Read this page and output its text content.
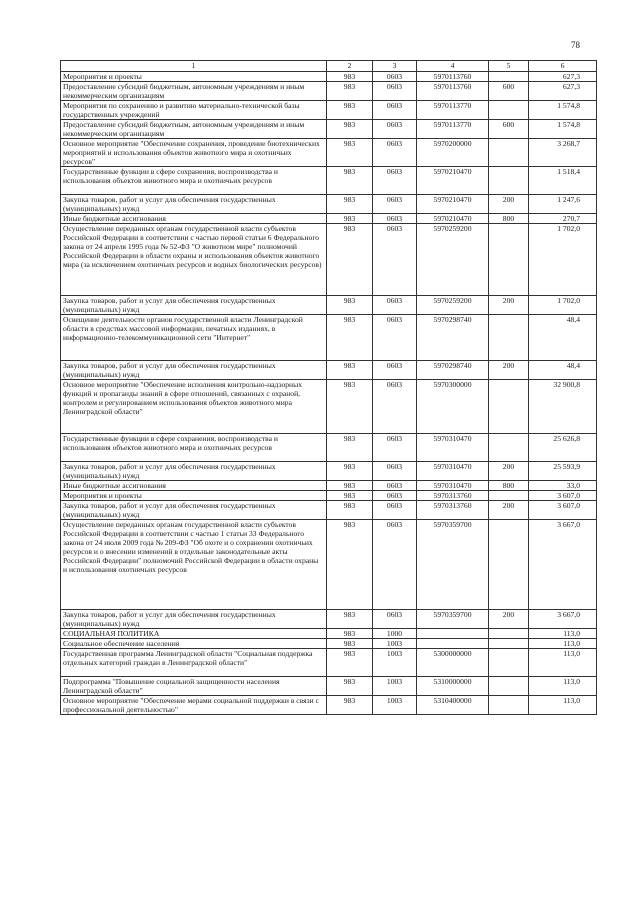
78
1	2	3	4	5	6
Мероприятия и проекты	983	0603	5970113760		627,3
Предоставление субсидий бюджетным, автономным учреждениям и иным некоммерческим организациям	983	0603	5970113760	600	627,3
Мероприятия по сохранению и развитию материально-технической базы государственных учреждений	983	0603	5970113770		1 574,8
Предоставление субсидий бюджетным, автономным учреждениям и иным некоммерческим организациям	983	0603	5970113770	600	1 574,8
Основное мероприятие "Обеспечение сохранения, проведение биотехнических мероприятий и использования объектов животного мира и охотничьих ресурсов"	983	0603	5970200000		3 268,7
Государственные функции в сфере сохранения, воспроизводства и использования объектов животного мира и охотничьих ресурсов	983	0603	5970210470		1 518,4
Закупка товаров, работ и услуг для обеспечения государственных (муниципальных) нужд	983	0603	5970210470	200	1 247,6
Иные бюджетные ассигнования	983	0603	5970210470	800	270,7
Осуществление переданных органам государственной власти субъектов Российской Федерации в соответствии с частью первой статьи 6 Федерального закона от 24 апреля 1995 года № 52-ФЗ "О животном мире" полномочий Российской Федерации в области охраны и использования объектов животного мира (за исключением охотничьих ресурсов и водных биологических ресурсов)	983	0603	5970259200		1 702,0
Закупка товаров, работ и услуг для обеспечения государственных (муниципальных) нужд	983	0603	5970259200	200	1 702,0
Освещение деятельности органов государственной власти Ленинградской области в средствах массовой информации, печатных изданиях, в информационно-телекоммуникационной сети "Интернет"	983	0603	5970298740		48,4
Закупка товаров, работ и услуг для обеспечения государственных (муниципальных) нужд	983	0603	5970298740	200	48,4
Основное мероприятие "Обеспечение исполнения контрольно-надзорных функций и пропаганды знаний в сфере отношений, связанных с охраной, контролем и регулированием использования объектов животного мира Ленинградской области"	983	0603	5970300000		32 900,8
Государственные функции в сфере сохранения, воспроизводства и использования объектов животного мира и охотничьих ресурсов	983	0603	5970310470		25 626,8
Закупка товаров, работ и услуг для обеспечения государственных (муниципальных) нужд	983	0603	5970310470	200	25 593,9
Иные бюджетные ассигнования	983	0603	5970310470	800	33,0
Мероприятия и проекты	983	0603	5970313760		3 607,0
Закупка товаров, работ и услуг для обеспечения государственных (муниципальных) нужд	983	0603	5970313760	200	3 607,0
Осуществление переданных органам государственной власти субъектов Российской Федерации в соответствии с частью 1 статьи 33 Федерального закона от 24 июля 2009 года № 209-ФЗ "Об охоте и о сохранении охотничьих ресурсов и о внесении изменений в отдельные законодательные акты Российской Федерации" полномочий Российской Федерации в области охраны и использования охотничьих ресурсов	983	0603	5970359700		3 667,0
Закупка товаров, работ и услуг для обеспечения государственных (муниципальных) нужд	983	0603	5970359700	200	3 667,0
СОЦИАЛЬНАЯ ПОЛИТИКА	983	1000			113,0
Социальное обеспечение населения	983	1003			113,0
Государственная программа Ленинградской области "Социальная поддержка отдельных категорий граждан в Ленинградской области"	983	1003	5300000000		113,0
Подпрограмма "Повышение социальной защищенности населения Ленинградской области"	983	1003	5310000000		113,0
Основное мероприятие "Обеспечение мерами социальной поддержки в связи с профессиональной деятельностью"	983	1003	5310400000		113,0
